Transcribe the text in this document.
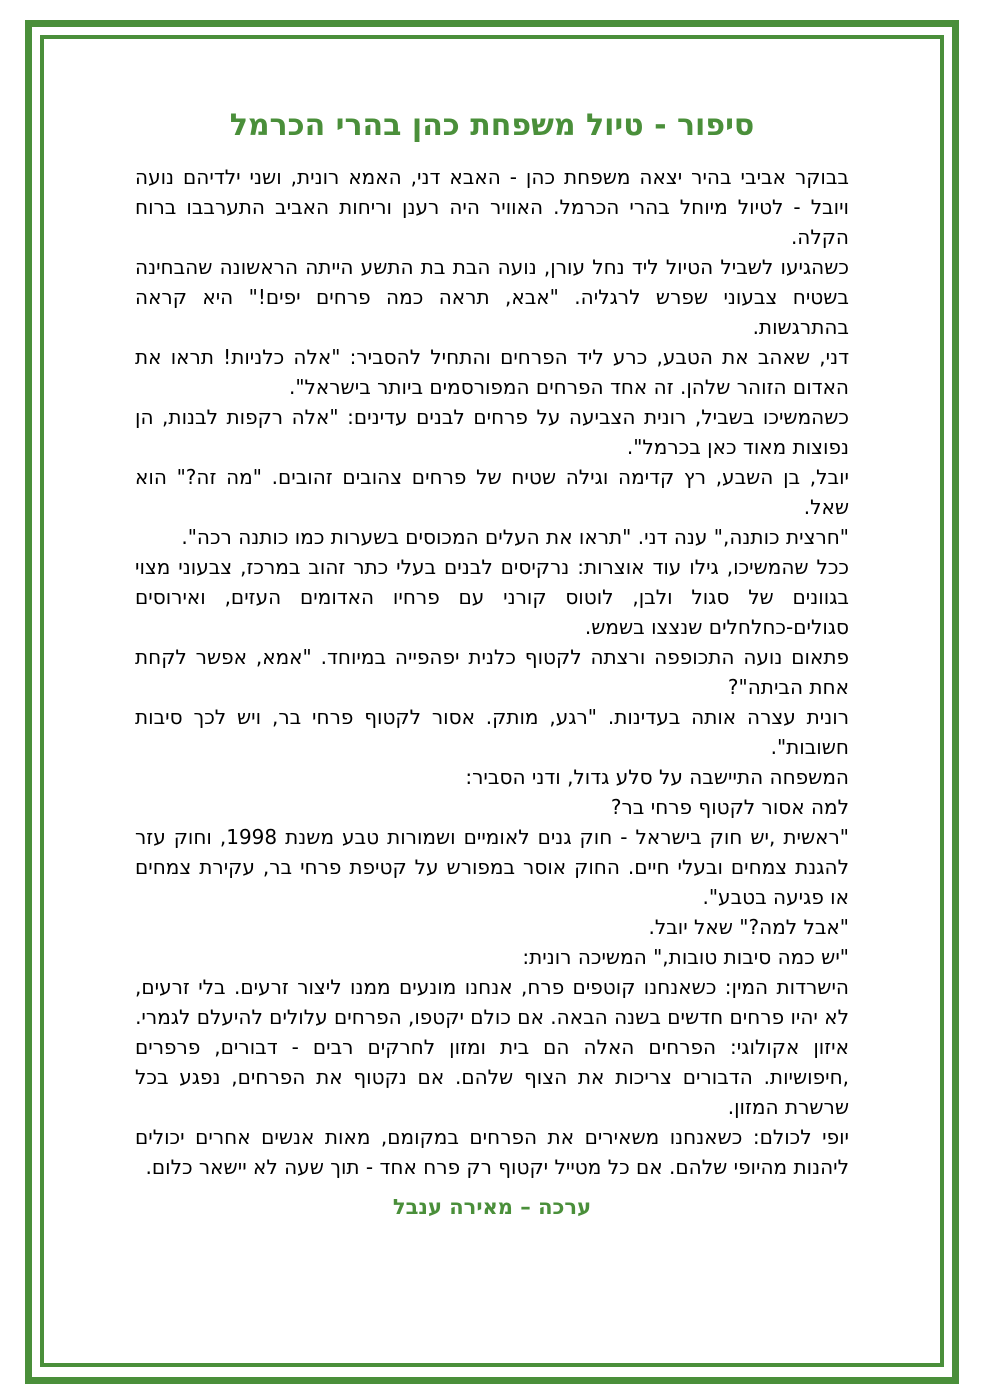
סיפור - טיול משפחת כהן בהרי הכרמל

בבוקר אביבי בהיר יצאה משפחת כהן - האבא דני, האמא רונית, ושני ילדיהם נועה ויובל - לטיול מיוחל בהרי הכרמל. האוויר היה רענן וריחות האביב התערבבו ברוח הקלה.

כשהגיעו לשביל הטיול ליד נחל עורן, נועה הבת בת התשע הייתה הראשונה שהבחינה בשטיח צבעוני שפרש לרגליה. "אבא, תראה כמה פרחים יפים!" היא קראה בהתרגשות.

דני, שאהב את הטבע, כרע ליד הפרחים והתחיל להסביר: "אלה כלניות! תראו את האדום הזוהר שלהן. זה אחד הפרחים המפורסמים ביותר בישראל".

כשהמשיכו בשביל, רונית הצביעה על פרחים לבנים עדינים: "אלה רקפות לבנות, הן נפוצות מאוד כאן בכרמל".

יובל, בן השבע, רץ קדימה וגילה שטיח של פרחים צהובים זהובים. "מה זה?" הוא שאל.

"חרצית כותנה," ענה דני. "תראו את העלים המכוסים בשערות כמו כותנה רכה".

ככל שהמשיכו, גילו עוד אוצרות: נרקיסים לבנים בעלי כתר זהוב במרכז, צבעוני מצוי בגוונים של סגול ולבן, לוטוס קורני עם פרחיו האדומים העזים, ואירוסים סגולים-כחלחלים שנצצו בשמש.

פתאום נועה התכופפה ורצתה לקטוף כלנית יפהפייה במיוחד. "אמא, אפשר לקחת אחת הביתה"?

רונית עצרה אותה בעדינות. "רגע, מותק. אסור לקטוף פרחי בר, ויש לכך סיבות חשובות".

המשפחה התיישבה על סלע גדול, ודני הסביר:

למה אסור לקטוף פרחי בר?

"ראשית ,יש חוק בישראל - חוק גנים לאומיים ושמורות טבע משנת 1998, וחוק עזר להגנת צמחים ובעלי חיים. החוק אוסר במפורש על קטיפת פרחי בר, עקירת צמחים או פגיעה בטבע".

"אבל למה?" שאל יובל.

"יש כמה סיבות טובות," המשיכה רונית:

הישרדות המין: כשאנחנו קוטפים פרח, אנחנו מונעים ממנו ליצור זרעים. בלי זרעים, לא יהיו פרחים חדשים בשנה הבאה. אם כולם יקטפו, הפרחים עלולים להיעלם לגמרי.

איזון אקולוגי: הפרחים האלה הם בית ומזון לחרקים רבים - דבורים, פרפרים ,חיפושיות. הדבורים צריכות את הצוף שלהם. אם נקטוף את הפרחים, נפגע בכל שרשרת המזון.

יופי לכולם: כשאנחנו משאירים את הפרחים במקומם, מאות אנשים אחרים יכולים ליהנות מהיופי שלהם. אם כל מטייל יקטוף רק פרח אחד - תוך שעה לא יישאר כלום.

ערכה – מאירה ענבל
